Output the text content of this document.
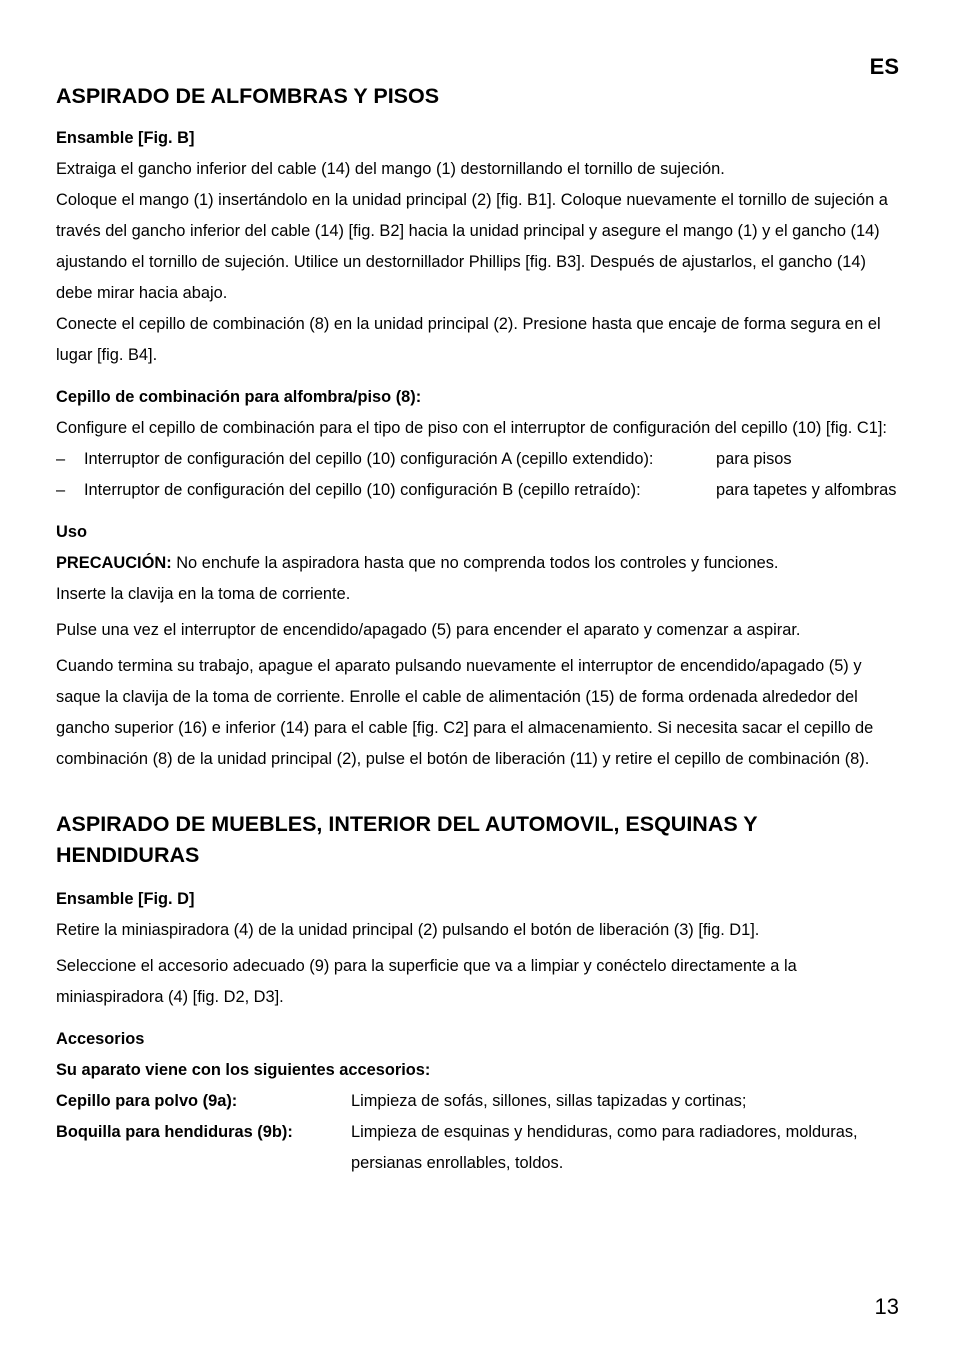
ES

ASPIRADO DE ALFOMBRAS Y PISOS
Ensamble [Fig. B]

Extraiga el gancho inferior del cable (14) del mango (1) destornillando el tornillo de sujeción.

Coloque el mango (1) insertándolo en la unidad principal (2) [fig. B1]. Coloque nuevamente el tornillo de sujeción a través del gancho inferior del cable (14) [fig. B2] hacia la unidad principal y asegure el mango (1) y el gancho (14) ajustando el tornillo de sujeción. Utilice un destornillador Phillips [fig. B3]. Después de ajustarlos, el gancho (14) debe mirar hacia abajo.

Conecte el cepillo de combinación (8) en la unidad principal (2). Presione hasta que encaje de forma segura en el lugar [fig. B4].

Cepillo de combinación para alfombra/piso (8):

Configure el cepillo de combinación para el tipo de piso con el interruptor de configuración del cepillo (10) [fig. C1]:

–	Interruptor de configuración del cepillo (10) configuración A (cepillo extendido):	para pisos
–	Interruptor de configuración del cepillo (10) configuración B (cepillo retraído):	para tapetes y alfombras
Uso

PRECAUCIÓN: No enchufe la aspiradora hasta que no comprenda todos los controles y funciones.

Inserte la clavija en la toma de corriente.

Pulse una vez el interruptor de encendido/apagado (5) para encender el aparato y comenzar a aspirar.

Cuando termina su trabajo, apague el aparato pulsando nuevamente el interruptor de encendido/apagado (5) y saque la clavija de la toma de corriente. Enrolle el cable de alimentación (15) de forma ordenada alrededor del gancho superior (16) e inferior (14) para el cable [fig. C2] para el almacenamiento. Si necesita sacar el cepillo de combinación (8) de la unidad principal (2), pulse el botón de liberación (11) y retire el cepillo de combinación (8).

ASPIRADO DE MUEBLES, INTERIOR DEL AUTOMOVIL, ESQUINAS Y HENDIDURAS
Ensamble [Fig. D]

Retire la miniaspiradora (4) de la unidad principal (2) pulsando el botón de liberación (3) [fig. D1].

Seleccione el accesorio adecuado (9) para la superficie que va a limpiar y conéctelo directamente a la miniaspiradora (4) [fig. D2, D3].

Accesorios
Su aparato viene con los siguientes accesorios:
Cepillo para polvo (9a):	Limpieza de sofás, sillones, sillas tapizadas y cortinas;
Boquilla para hendiduras (9b):	Limpieza de esquinas y hendiduras, como para radiadores, molduras, persianas enrollables, toldos.

13
